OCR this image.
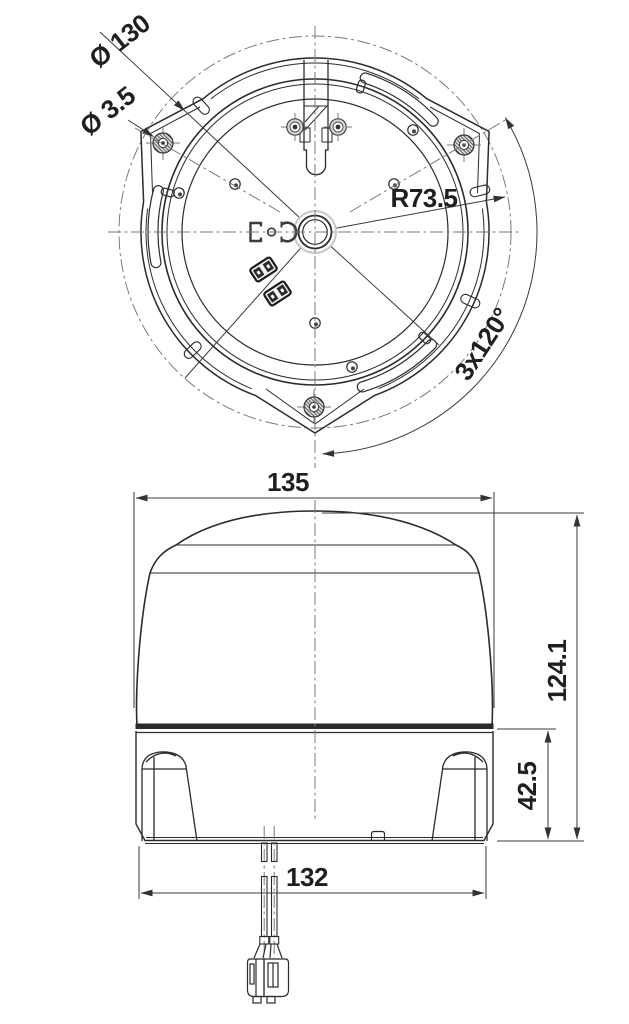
Ø 130
Ø 3.5
R73.5
3x120°
135
124.1
42.5
132
